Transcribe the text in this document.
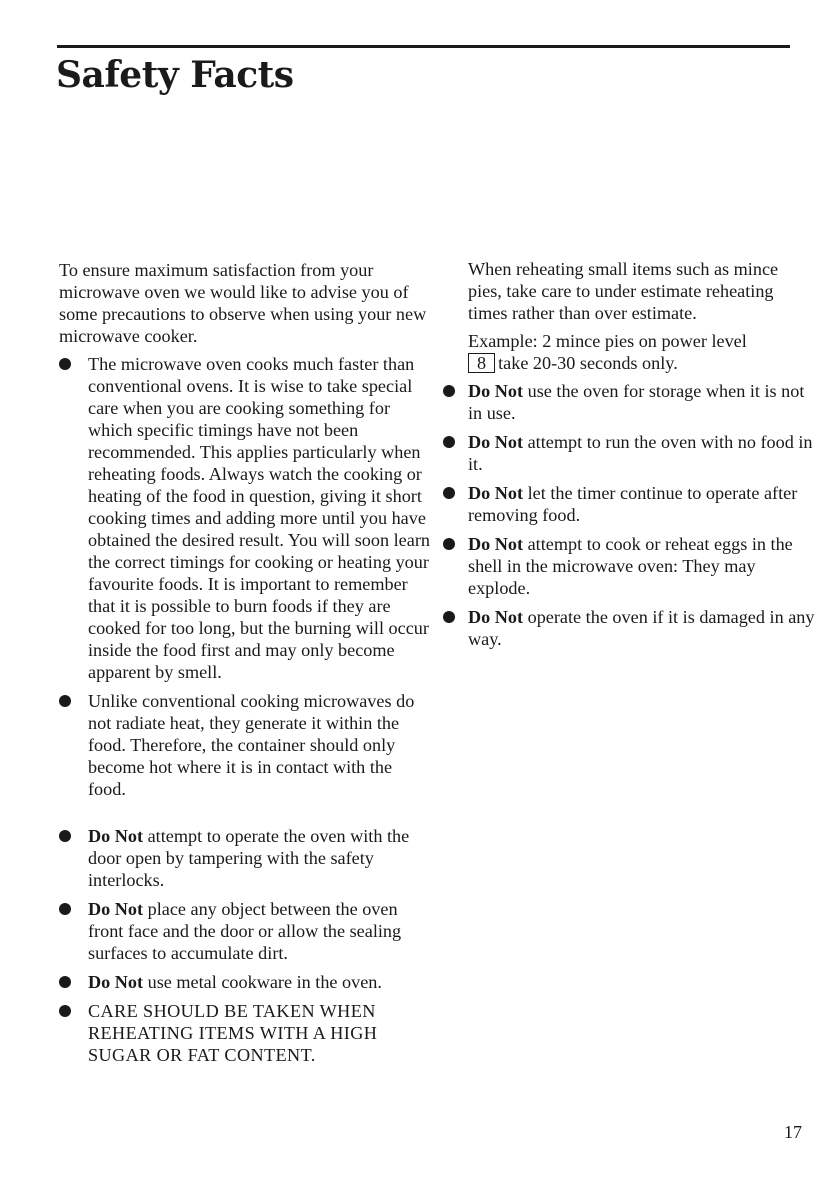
Safety Facts

To ensure maximum satisfaction from your microwave oven we would like to advise you of some precautions to observe when using your new microwave cooker.

The microwave oven cooks much faster than conventional ovens. It is wise to take special care when you are cooking something for which specific timings have not been recommended. This applies particularly when reheating foods. Always watch the cooking or heating of the food in question, giving it short cooking times and adding more until you have obtained the desired result. You will soon learn the correct timings for cooking or heating your favourite foods. It is important to remember that it is possible to burn foods if they are cooked for too long, but the burning will occur inside the food first and may only become apparent by smell.
Unlike conventional cooking microwaves do not radiate heat, they generate it within the food. Therefore, the container should only become hot where it is in contact with the food.
Do Not attempt to operate the oven with the door open by tampering with the safety interlocks.
Do Not place any object between the oven front face and the door or allow the sealing surfaces to accumulate dirt.
Do Not use metal cookware in the oven.
CARE SHOULD BE TAKEN WHEN REHEATING ITEMS WITH A HIGH SUGAR OR FAT CONTENT.

When reheating small items such as mince pies, take care to under estimate reheating times rather than over estimate.

Example: 2 mince pies on power level
8 take 20-30 seconds only.

Do Not use the oven for storage when it is not in use.
Do Not attempt to run the oven with no food in it.
Do Not let the timer continue to operate after removing food.
Do Not attempt to cook or reheat eggs in the shell in the microwave oven: They may explode.
Do Not operate the oven if it is damaged in any way.
17
